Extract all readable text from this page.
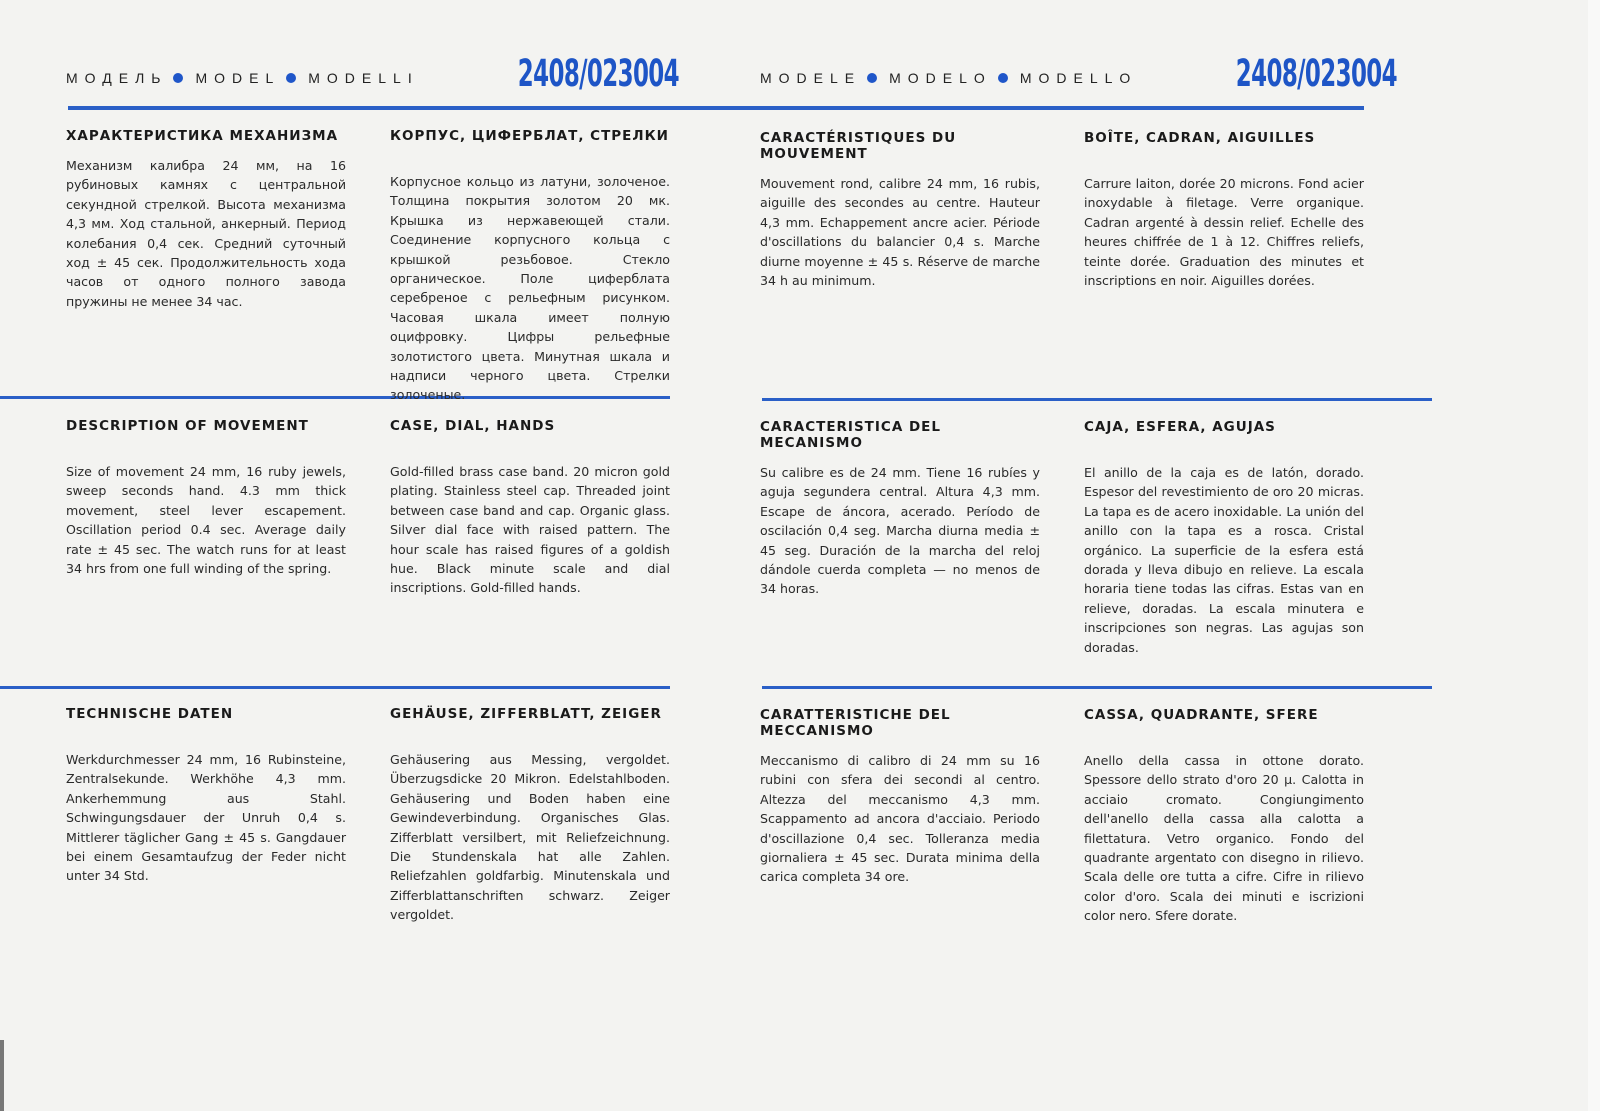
МОДЕЛЬ MODEL MODELLI	2408/023004	MODELE MODELO MODELLO	2408/023004
ХАРАКТЕРИСТИКА МЕХАНИЗМА

Механизм калибра 24 мм, на 16 рубиновых камнях с центральной секундной стрелкой. Высота механизма 4,3 мм. Ход стальной, анкерный. Период колебания 0,4 сек. Средний суточный ход ± 45 сек. Продолжительность хода часов от одного полного завода пружины не менее 34 час.

КОРПУС, ЦИФЕРБЛАТ, СТРЕЛКИ

Корпусное кольцо из латуни, золоченое. Толщина покрытия золотом 20 мк. Крышка из нержавеющей стали. Соединение корпусного кольца с крышкой резьбовое. Стекло органическое. Поле циферблата серебреное с рельефным рисунком. Часовая шкала имеет полную оцифровку. Цифры рельефные золотистого цвета. Минутная шкала и надписи черного цвета. Стрелки золоченые.

CARACTÉRISTIQUES DU MOUVEMENT

Mouvement rond, calibre 24 mm, 16 rubis, aiguille des secondes au centre. Hauteur 4,3 mm. Echappement ancre acier. Période d'oscillations du balancier 0,4 s. Marche diurne moyenne ± 45 s. Réserve de marche 34 h au minimum.

BOÎTE, CADRAN, AIGUILLES

Carrure laiton, dorée 20 microns. Fond acier inoxydable à filetage. Verre organique. Cadran argenté à dessin relief. Echelle des heures chiffrée de 1 à 12. Chiffres reliefs, teinte dorée. Graduation des minutes et inscriptions en noir. Aiguilles dorées.

DESCRIPTION OF MOVEMENT

Size of movement 24 mm, 16 ruby jewels, sweep seconds hand. 4.3 mm thick movement, steel lever escapement. Oscillation period 0.4 sec. Average daily rate ± 45 sec. The watch runs for at least 34 hrs from one full winding of the spring.

CASE, DIAL, HANDS

Gold-filled brass case band. 20 micron gold plating. Stainless steel cap. Threaded joint between case band and cap. Organic glass. Silver dial face with raised pattern. The hour scale has raised figures of a goldish hue. Black minute scale and dial inscriptions. Gold-filled hands.

CARACTERISTICA DEL MECANISMO

Su calibre es de 24 mm. Tiene 16 rubíes y aguja segundera central. Altura 4,3 mm. Escape de áncora, acerado. Período de oscilación 0,4 seg. Marcha diurna media ± 45 seg. Duración de la marcha del reloj dándole cuerda completa — no menos de 34 horas.

CAJA, ESFERA, AGUJAS

El anillo de la caja es de latón, dorado. Espesor del revestimiento de oro 20 micras. La tapa es de acero inoxidable. La unión del anillo con la tapa es a rosca. Cristal orgánico. La superficie de la esfera está dorada y lleva dibujo en relieve. La escala horaria tiene todas las cifras. Estas van en relieve, doradas. La escala minutera e inscripciones son negras. Las agujas son doradas.

TECHNISCHE DATEN

Werkdurchmesser 24 mm, 16 Rubinsteine, Zentralsekunde. Werkhöhe 4,3 mm. Ankerhemmung aus Stahl. Schwingungsdauer der Unruh 0,4 s. Mittlerer täglicher Gang ± 45 s. Gangdauer bei einem Gesamtaufzug der Feder nicht unter 34 Std.

GEHÄUSE, ZIFFERBLATT, ZEIGER

Gehäusering aus Messing, vergoldet. Überzugsdicke 20 Mikron. Edelstahlboden. Gehäusering und Boden haben eine Gewindeverbindung. Organisches Glas. Zifferblatt versilbert, mit Reliefzeichnung. Die Stundenskala hat alle Zahlen. Reliefzahlen goldfarbig. Minutenskala und Zifferblattanschriften schwarz. Zeiger vergoldet.

CARATTERISTICHE DEL MECCANISMO

Meccanismo di calibro di 24 mm su 16 rubini con sfera dei secondi al centro. Altezza del meccanismo 4,3 mm. Scappamento ad ancora d'acciaio. Periodo d'oscillazione 0,4 sec. Tolleranza media giornaliera ± 45 sec. Durata minima della carica completa 34 ore.

CASSA, QUADRANTE, SFERE

Anello della cassa in ottone dorato. Spessore dello strato d'oro 20 μ. Calotta in acciaio cromato. Congiungimento dell'anello della cassa alla calotta a filettatura. Vetro organico. Fondo del quadrante argentato con disegno in rilievo. Scala delle ore tutta a cifre. Cifre in rilievo color d'oro. Scala dei minuti e iscrizioni color nero. Sfere dorate.
